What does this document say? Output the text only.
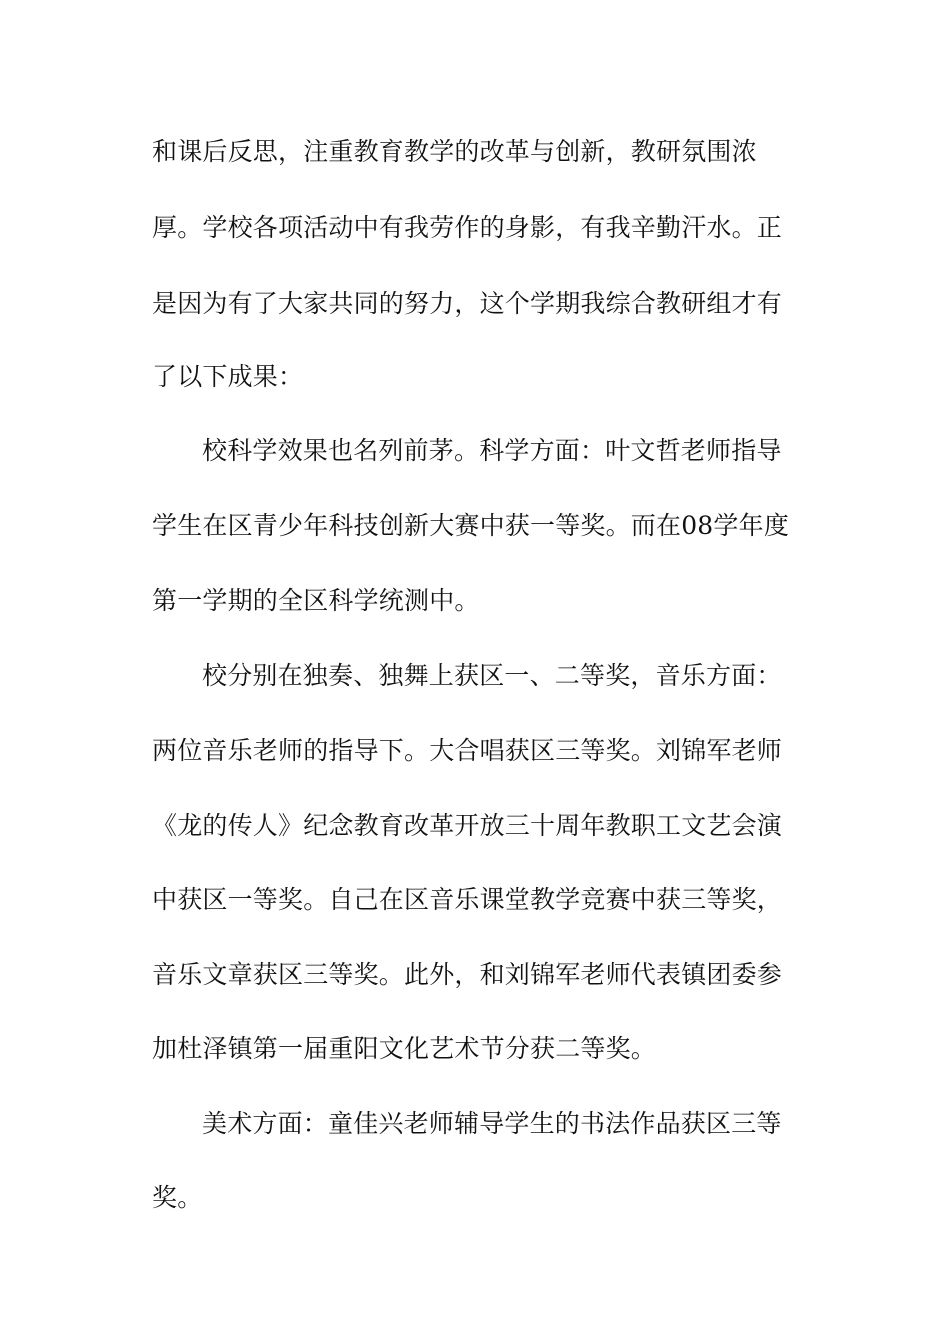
和课后反思，注重教育教学的改革与创新，教研氛围浓
厚。学校各项活动中有我劳作的身影，有我辛勤汗水。正
是因为有了大家共同的努力，这个学期我综合教研组才有
了以下成果：
校科学效果也名列前茅。科学方面：叶文哲老师指导
学生在区青少年科技创新大赛中获一等奖。而在08学年度
第一学期的全区科学统测中。
校分别在独奏、独舞上获区一、二等奖，音乐方面：
两位音乐老师的指导下。大合唱获区三等奖。刘锦军老师
《龙的传人》纪念教育改革开放三十周年教职工文艺会演
中获区一等奖。自己在区音乐课堂教学竞赛中获三等奖，
音乐文章获区三等奖。此外，和刘锦军老师代表镇团委参
加杜泽镇第一届重阳文化艺术节分获二等奖。
美术方面：童佳兴老师辅导学生的书法作品获区三等
奖。
